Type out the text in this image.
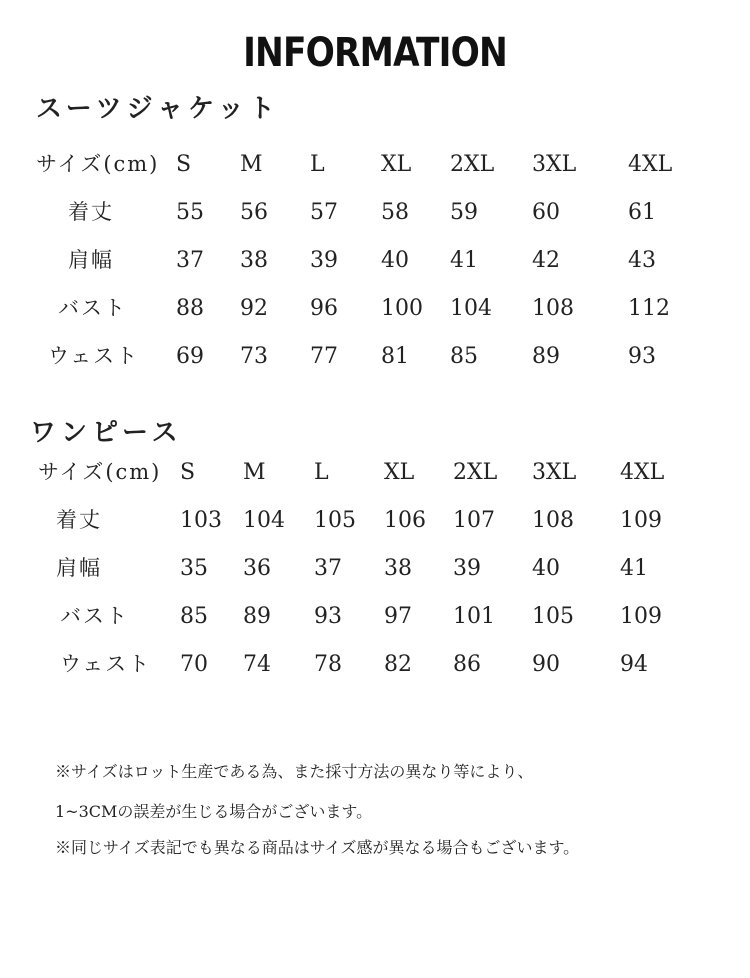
INFORMATION
スーツジャケット
サイズ(cm) S M L	XL 2XL 3XL 4XL
着丈	55 56 57 58 59 60	61
肩幅	37 38 39 40 41 42	43
バスト 88 92 96 100 104 108 112
ウェスト 69 73 77 81 85 89	93
ワンピース
サイズ(cm) S M L	XL 2XL 3XL 4XL
着丈	103 104 105 106 107 108 109
肩幅	35 36 37 38 39 40	41
バスト 85 89 93 97 101 105 109
ウェスト 70 74 78 82 86 90	94
※サイズはロット生産である為、また採寸方法の異なり等により、
1~3CMの誤差が生じる場合がございます。
※同じサイズ表記でも異なる商品はサイズ感が異なる場合もございます。
